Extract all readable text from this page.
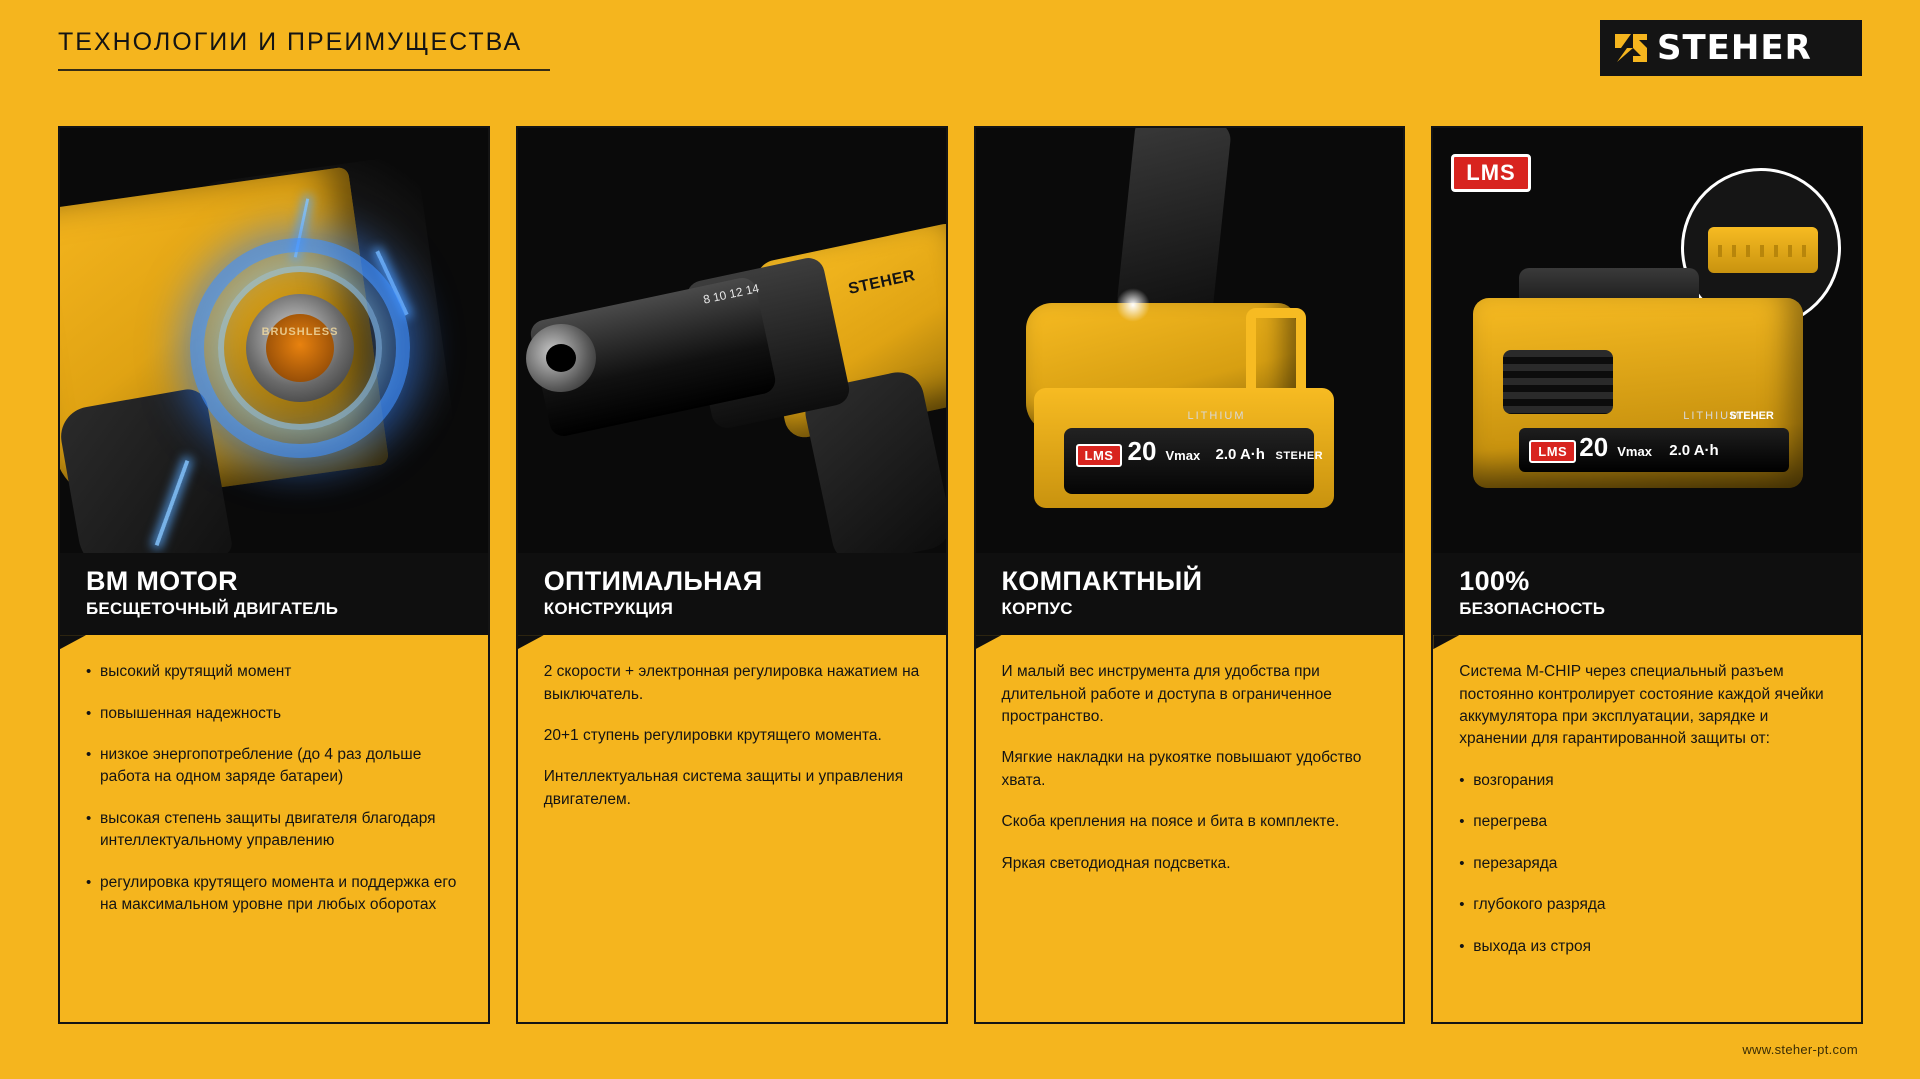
ТЕХНОЛОГИИ И ПРЕИМУЩЕСТВА	STEHER
BRUSHLESS
BM MOTOR
БЕСЩЕТОЧНЫЙ ДВИГАТЕЛЬ
• высокий крутящий момент
• повышенная надежность
• низкое энергопотребление (до 4 раз дольше работа на одном заряде батареи)
• высокая степень защиты двигателя благодаря интеллектуальному управлению
• регулировка крутящего момента и поддержка его на максимальном уровне при любых оборотах
8 10 12 14	STEHER
ОПТИМАЛЬНАЯ
КОНСТРУКЦИЯ
2 скорости + электронная регулировка нажатием на выключатель.
20+1 ступень регулировки крутящего момента.
Интеллектуальная система защиты и управления двигателем.
LITHIUM
LMS 20 Vmax 2.0 A·h STEHER
КОМПАКТНЫЙ
КОРПУС
И малый вес инструмента для удобства при длительной работе и доступа в ограниченное пространство.
Мягкие накладки на рукоятке повышают удобство хвата.
Скоба крепления на поясе и бита в комплекте.
Яркая светодиодная подсветка.
LMS
LITHIUM
STEHER
LMS 20 Vmax 2.0 A·h
100%
БЕЗОПАСНОСТЬ
Система M-CHIP через специальный разъем постоянно контролирует состояние каждой ячейки аккумулятора при эксплуатации, зарядке и хранении для гарантированной защиты от:
• возгорания
• перегрева
• перезаряда
• глубокого разряда
• выхода из строя
www.steher-pt.com
